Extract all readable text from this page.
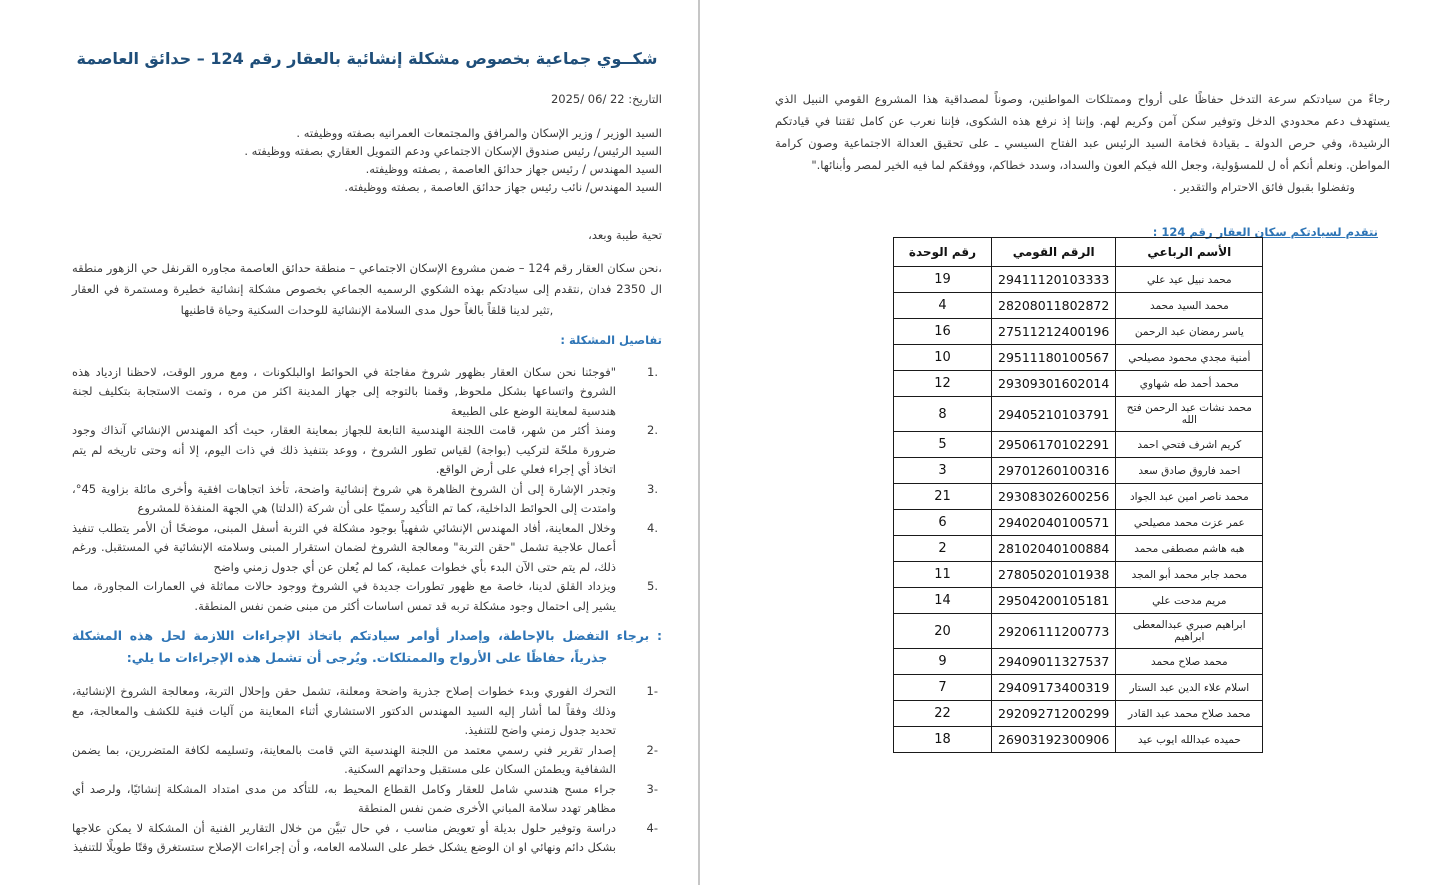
شكــوي جماعية بخصوص مشكلة إنشائية بالعقار رقم 124 – حدائق العاصمة
التاريخ: 22 /06 /2025
السيد الوزير / وزير الإسكان والمرافق والمجتمعات العمرانيه بصفته ووظيفته .
السيد الرئيس/ رئيس صندوق الإسكان الاجتماعي ودعم التمويل العقاري بصفته ووظيفته .
السيد المهندس / رئيس جهاز حدائق العاصمة , بصفته ووظيفته.
السيد المهندس/ نائب رئيس جهاز حدائق العاصمة , بصفته ووظيفته.
تحية طيبة وبعد،
،نحن سكان العقار رقم 124 – ضمن مشروع الإسكان الاجتماعي – منطقة حدائق العاصمة مجاوره القرنفل حي الزهور منطقه ال 2350 فدان ,نتقدم إلى سيادتكم بهذه الشكوي الرسميه الجماعي بخصوص مشكلة إنشائية خطيرة ومستمرة في العقار ,تثير لدينا قلقاً بالغاً حول مدى السلامة الإنشائية للوحدات السكنية وحياة قاطنيها
تفاصيل المشكلة :
1.
"فوجئنا نحن سكان العقار بظهور شروخ مفاجئة في الحوائط اوالبلكونات ، ومع مرور الوقت، لاحظنا ازدياد هذه الشروخ واتساعها بشكل ملحوظ, وقمنا بالتوجه إلى جهاز المدينة اكثر من مره ، وتمت الاستجابة بتكليف لجنة هندسية لمعاينة الوضع على الطبيعة
2.
ومنذ أكثر من شهر، قامت اللجنة الهندسية التابعة للجهاز بمعاينة العقار، حيث أكد المهندس الإنشائي آنذاك وجود ضرورة ملحّة لتركيب (بواجة) لقياس تطور الشروخ ، ووعد بتنفيذ ذلك في ذات اليوم، إلا أنه وحتى تاريخه لم يتم اتخاذ أي إجراء فعلي على أرض الواقع.
3.
وتجدر الإشارة إلى أن الشروخ الظاهرة هي شروخ إنشائية واضحة، تأخذ اتجاهات افقية وأخرى مائلة بزاوية 45°، وامتدت إلى الحوائط الداخلية، كما تم التأكيد رسميًا على أن شركة (الدلتا) هي الجهة المنفذة للمشروع
4.
وخلال المعاينة، أفاد المهندس الإنشائي شفهياً بوجود مشكلة في التربة أسفل المبنى، موضحًا أن الأمر يتطلب تنفيذ أعمال علاجية تشمل "حقن التربة" ومعالجة الشروخ لضمان استقرار المبنى وسلامته الإنشائية في المستقبل. ورغم ذلك، لم يتم حتى الآن البدء بأي خطوات عملية، كما لم يُعلن عن أي جدول زمني واضح
5.
ويزداد القلق لدينا، خاصة مع ظهور تطورات جديدة في الشروخ ووجود حالات مماثلة في العمارات المجاورة، مما يشير إلى احتمال وجود مشكلة تربه قد تمس اساسات أكثر من مبنى ضمن نفس المنطقة.
: برجاء التفضل بالإحاطة، وإصدار أوامر سيادتكم باتخاذ الإجراءات اللازمة لحل هذه المشكلة جذرياً، حفاظًا على الأرواح والممتلكات. ويُرجى أن تشمل هذه الإجراءات ما يلي:
1-
التحرك الفوري وبدء خطوات إصلاح جذرية واضحة ومعلنة، تشمل حقن وإحلال التربة، ومعالجة الشروخ الإنشائية، وذلك وفقاً لما أشار إليه السيد المهندس الدكتور الاستشاري أثناء المعاينة من آليات فنية للكشف والمعالجة، مع تحديد جدول زمني واضح للتنفيذ.
2-
إصدار تقرير فني رسمي معتمد من اللجنة الهندسية التي قامت بالمعاينة، وتسليمه لكافة المتضررين، بما يضمن الشفافية ويطمئن السكان على مستقبل وحداتهم السكنية.
3-
جراء مسح هندسي شامل للعقار وكامل القطاع المحيط به، للتأكد من مدى امتداد المشكلة إنشائيًا، ولرصد أي مظاهر تهدد سلامة المباني الأخرى ضمن نفس المنطقة
4-
دراسة وتوفير حلول بديلة أو تعويض مناسب ، في حال تبيَّن من خلال التقارير الفنية أن المشكلة لا يمكن علاجها بشكل دائم ونهائي او ان الوضع يشكل خطر على السلامه العامه، و أن إجراءات الإصلاح ستستغرق وقتًا طويلًا للتنفيذ
رجاءً من سيادتكم سرعة التدخل حفاظًا على أرواح وممتلكات المواطنين، وصوناً لمصداقية هذا المشروع القومي النبيل الذي يستهدف دعم محدودي الدخل وتوفير سكن آمن وكريم لهم. وإننا إذ نرفع هذه الشكوى، فإننا نعرب عن كامل ثقتنا في قيادتكم الرشيدة، وفي حرص الدولة ـ بقيادة فخامة السيد الرئيس عبد الفتاح السيسي ـ على تحقيق العدالة الاجتماعية وصون كرامة المواطن. ونعلم أنكم أه ل للمسؤولية، وجعل الله فيكم العون والسداد، وسدد خطاكم، ووفقكم لما فيه الخير لمصر وأبنائها."
وتفضلوا بقبول فائق الاحترام والتقدير .
نتقدم لسيادتكم سكان العقار رقم 124 :
الأسم الرباعي	الرقم القومي	رقم الوحدة
محمد نبيل عيد علي	29411120103333	19
محمد السيد محمد	28208011802872	4
ياسر رمضان عبد الرحمن	27511212400196	16
أمنية مجدي محمود مصيلحي	29511180100567	10
محمد أحمد طه شهاوي	29309301602014	12
محمد نشات عبد الرحمن فتح الله	29405210103791	8
كريم اشرف فتحي احمد	29506170102291	5
احمد فاروق صادق سعد	29701260100316	3
محمد ناصر امين عبد الجواد	29308302600256	21
عمر عزت محمد مصيلحي	29402040100571	6
هبه هاشم مصطفى محمد	28102040100884	2
محمد جابر محمد أبو المجد	27805020101938	11
مريم مدحت علي	29504200105181	14
ابراهيم صبري عبدالمعطى ابراهيم	29206111200773	20
محمد صلاح محمد	29409011327537	9
اسلام علاء الدين عبد الستار	29409173400319	7
محمد صلاح محمد عبد القادر	29209271200299	22
حميده عبدالله ايوب عيد	26903192300906	18
